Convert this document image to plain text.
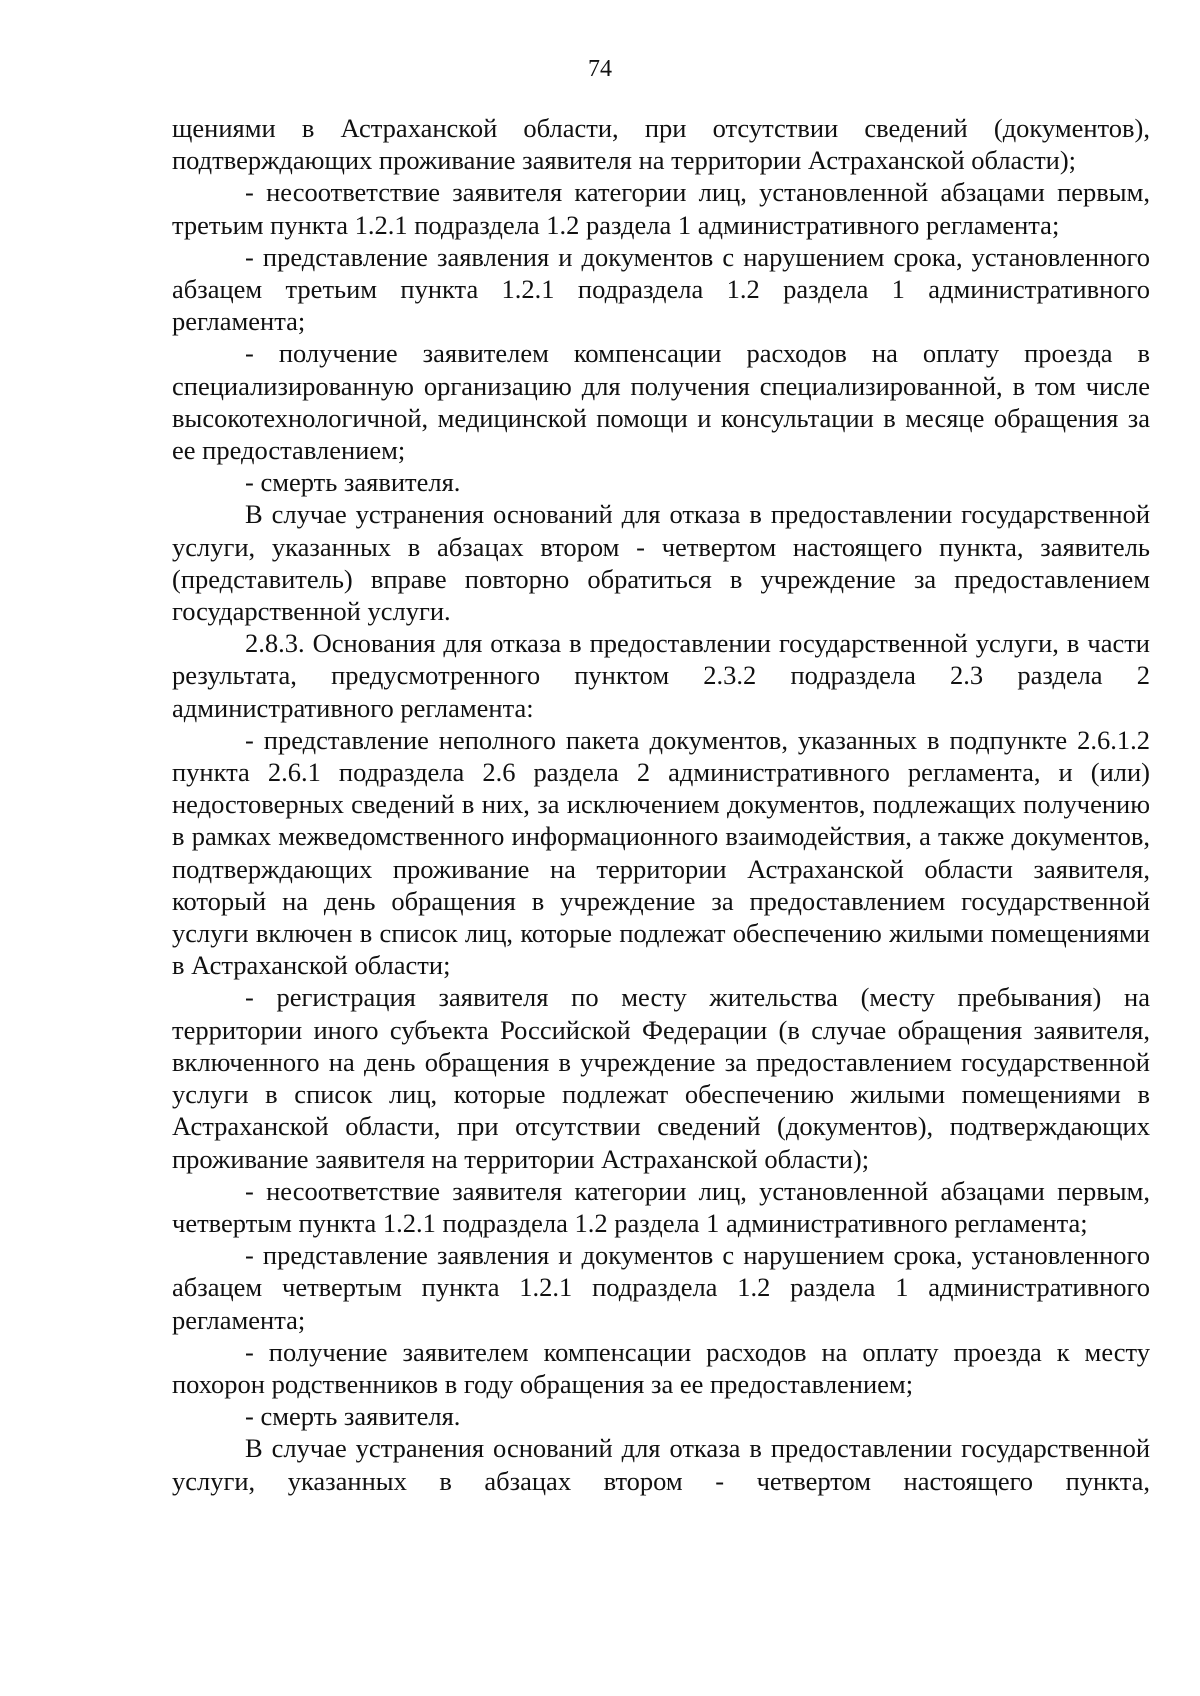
74

щениями в Астраханской области, при отсутствии сведений (документов), подтверждающих проживание заявителя на территории Астраханской области);

- несоответствие заявителя категории лиц, установленной абзацами первым, третьим пункта 1.2.1 подраздела 1.2 раздела 1 административного регламента;

- представление заявления и документов с нарушением срока, установленного абзацем третьим пункта 1.2.1 подраздела 1.2 раздела 1 административного регламента;

- получение заявителем компенсации расходов на оплату проезда в специализированную организацию для получения специализированной, в том числе высокотехнологичной, медицинской помощи и консультации в месяце обращения за ее предоставлением;

- смерть заявителя.

В случае устранения оснований для отказа в предоставлении государственной услуги, указанных в абзацах втором - четвертом настоящего пункта, заявитель (представитель) вправе повторно обратиться в учреждение за предоставлением государственной услуги.

2.8.3. Основания для отказа в предоставлении государственной услуги, в части результата, предусмотренного пунктом 2.3.2 подраздела 2.3 раздела 2 административного регламента:

- представление неполного пакета документов, указанных в подпункте 2.6.1.2 пункта 2.6.1 подраздела 2.6 раздела 2 административного регламента, и (или) недостоверных сведений в них, за исключением документов, подлежащих получению в рамках межведомственного информационного взаимодействия, а также документов, подтверждающих проживание на территории Астраханской области заявителя, который на день обращения в учреждение за предоставлением государственной услуги включен в список лиц, которые подлежат обеспечению жилыми помещениями в Астраханской области;

- регистрация заявителя по месту жительства (месту пребывания) на территории иного субъекта Российской Федерации (в случае обращения заявителя, включенного на день обращения в учреждение за предоставлением государственной услуги в список лиц, которые подлежат обеспечению жилыми помещениями в Астраханской области, при отсутствии сведений (документов), подтверждающих проживание заявителя на территории Астраханской области);

- несоответствие заявителя категории лиц, установленной абзацами первым, четвертым пункта 1.2.1 подраздела 1.2 раздела 1 административного регламента;

- представление заявления и документов с нарушением срока, установленного абзацем четвертым пункта 1.2.1 подраздела 1.2 раздела 1 административного регламента;

- получение заявителем компенсации расходов на оплату проезда к месту похорон родственников в году обращения за ее предоставлением;

- смерть заявителя.

В случае устранения оснований для отказа в предоставлении государственной услуги, указанных в абзацах втором - четвертом настоящего пункта,
